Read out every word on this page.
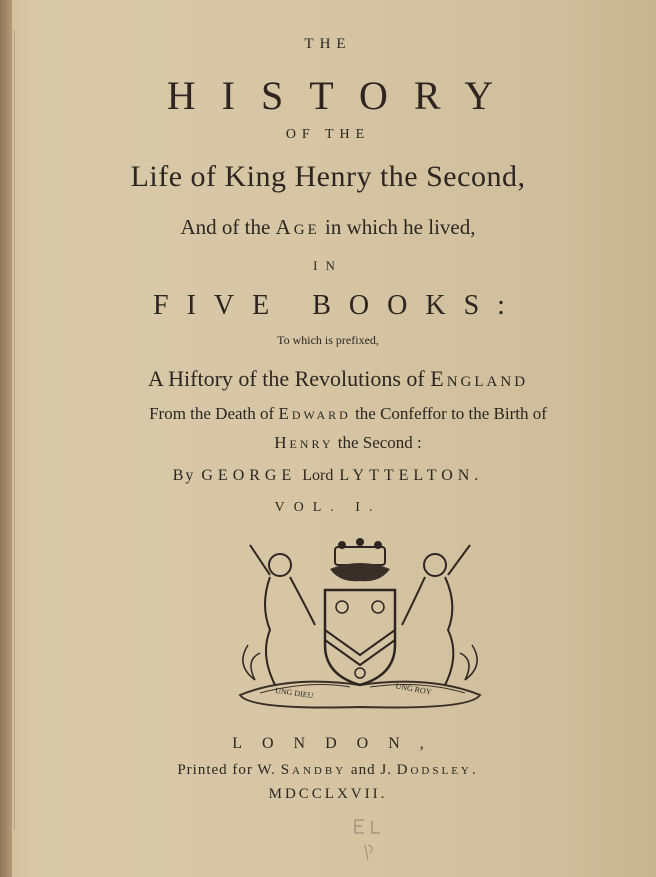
THE
HISTORY
OF THE
Life of King Henry the Second,
And of the Age in which he lived,
IN
FIVE BOOKS:
To which is prefixed,
A Hiftory of the Revolutions of England
From the Death of Edward the Confeffor to the Birth of
Henry the Second :
By GEORGE Lord LYTTELTON.
VOL. I.
UNG DIEU	UNG ROY
LONDON,
Printed for W. Sandby and J. Dodsley.
MDCCLXVII.
